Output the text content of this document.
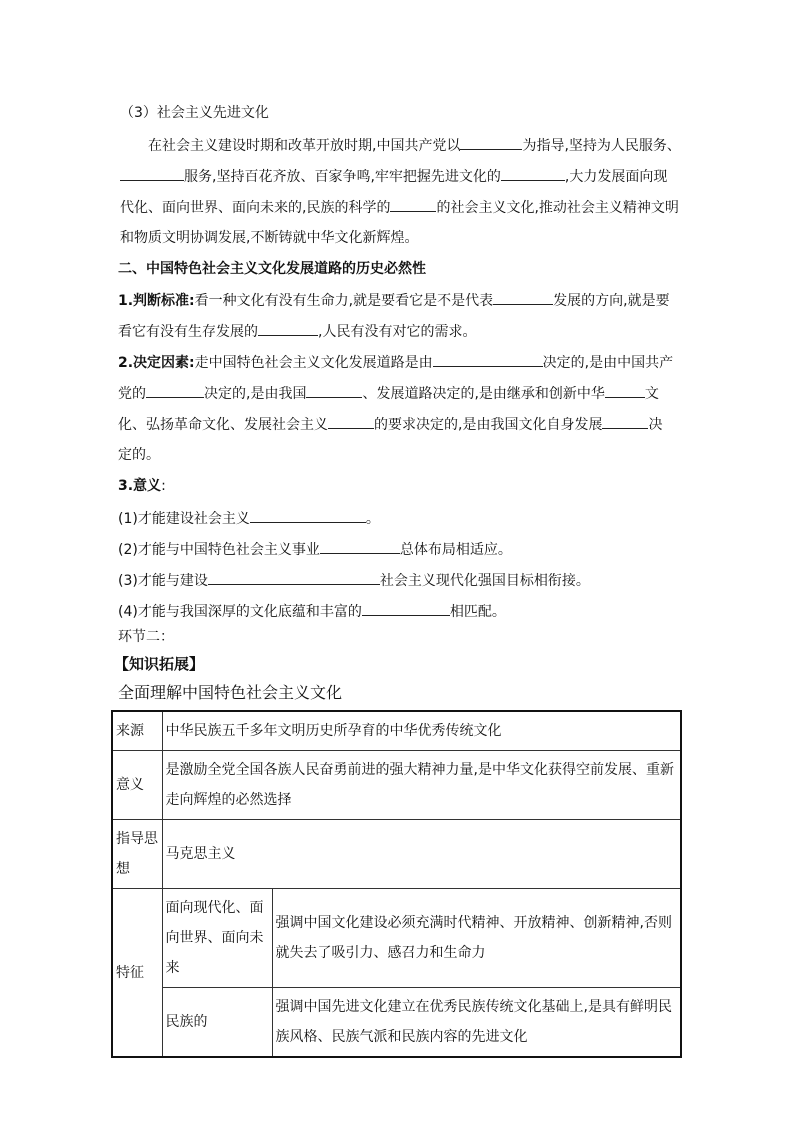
（3）社会主义先进文化
在社会主义建设时期和改革开放时期,中国共产党以	为指导,坚持为人民服务、
服务,坚持百花齐放、百家争鸣,牢牢把握先进文化的	,大力发展面向现
代化、面向世界、面向未来的,民族的科学的	的社会主义文化,推动社会主义精神文明
和物质文明协调发展,不断铸就中华文化新辉煌。
二、中国特色社会主义文化发展道路的历史必然性
1.判断标准:看一种文化有没有生命力,就是要看它是不是代表	发展的方向,就是要
看它有没有生存发展的	,人民有没有对它的需求。
2.决定因素:走中国特色社会主义文化发展道路是由	决定的,是由中国共产
党的	决定的,是由我国	、发展道路决定的,是由继承和创新中华	文
化、弘扬革命文化、发展社会主义	的要求决定的,是由我国文化自身发展	决
定的。
3.意义:
(1)才能建设社会主义	。
(2)才能与中国特色社会主义事业	总体布局相适应。
(3)才能与建设	社会主义现代化强国目标相衔接。
(4)才能与我国深厚的文化底蕴和丰富的	相匹配。
环节二：
【知识拓展】
全面理解中国特色社会主义文化
来源	中华民族五千多年文明历史所孕育的中华优秀传统文化	
意义	是激励全党全国各族人民奋勇前进的强大精神力量,是中华文化获得空前发展、重新走向辉煌的必然选择	
指导思想	马克思主义	
特征	面向现代化、面向世界、面向未来	强调中国文化建设必须充满时代精神、开放精神、创新精神,否则就失去了吸引力、感召力和生命力
	民族的	强调中国先进文化建立在优秀民族传统文化基础上,是具有鲜明民族风格、民族气派和民族内容的先进文化
